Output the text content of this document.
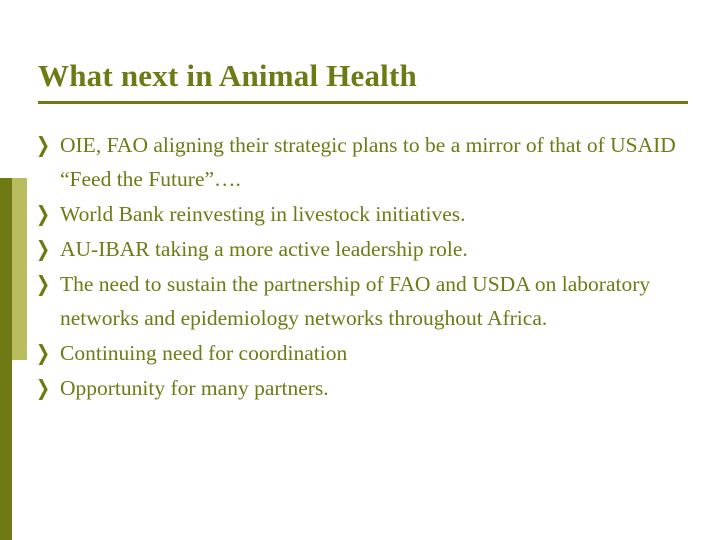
What next in Animal Health
❯ OIE, FAO aligning their strategic plans to be a mirror of that of USAID “Feed the Future”….
❯ World Bank reinvesting in livestock initiatives.
❯ AU-IBAR taking a more active leadership role.
❯ The need to sustain the partnership of FAO and USDA on laboratory networks and epidemiology networks throughout Africa.
❯ Continuing need for coordination
❯ Opportunity for many partners.
